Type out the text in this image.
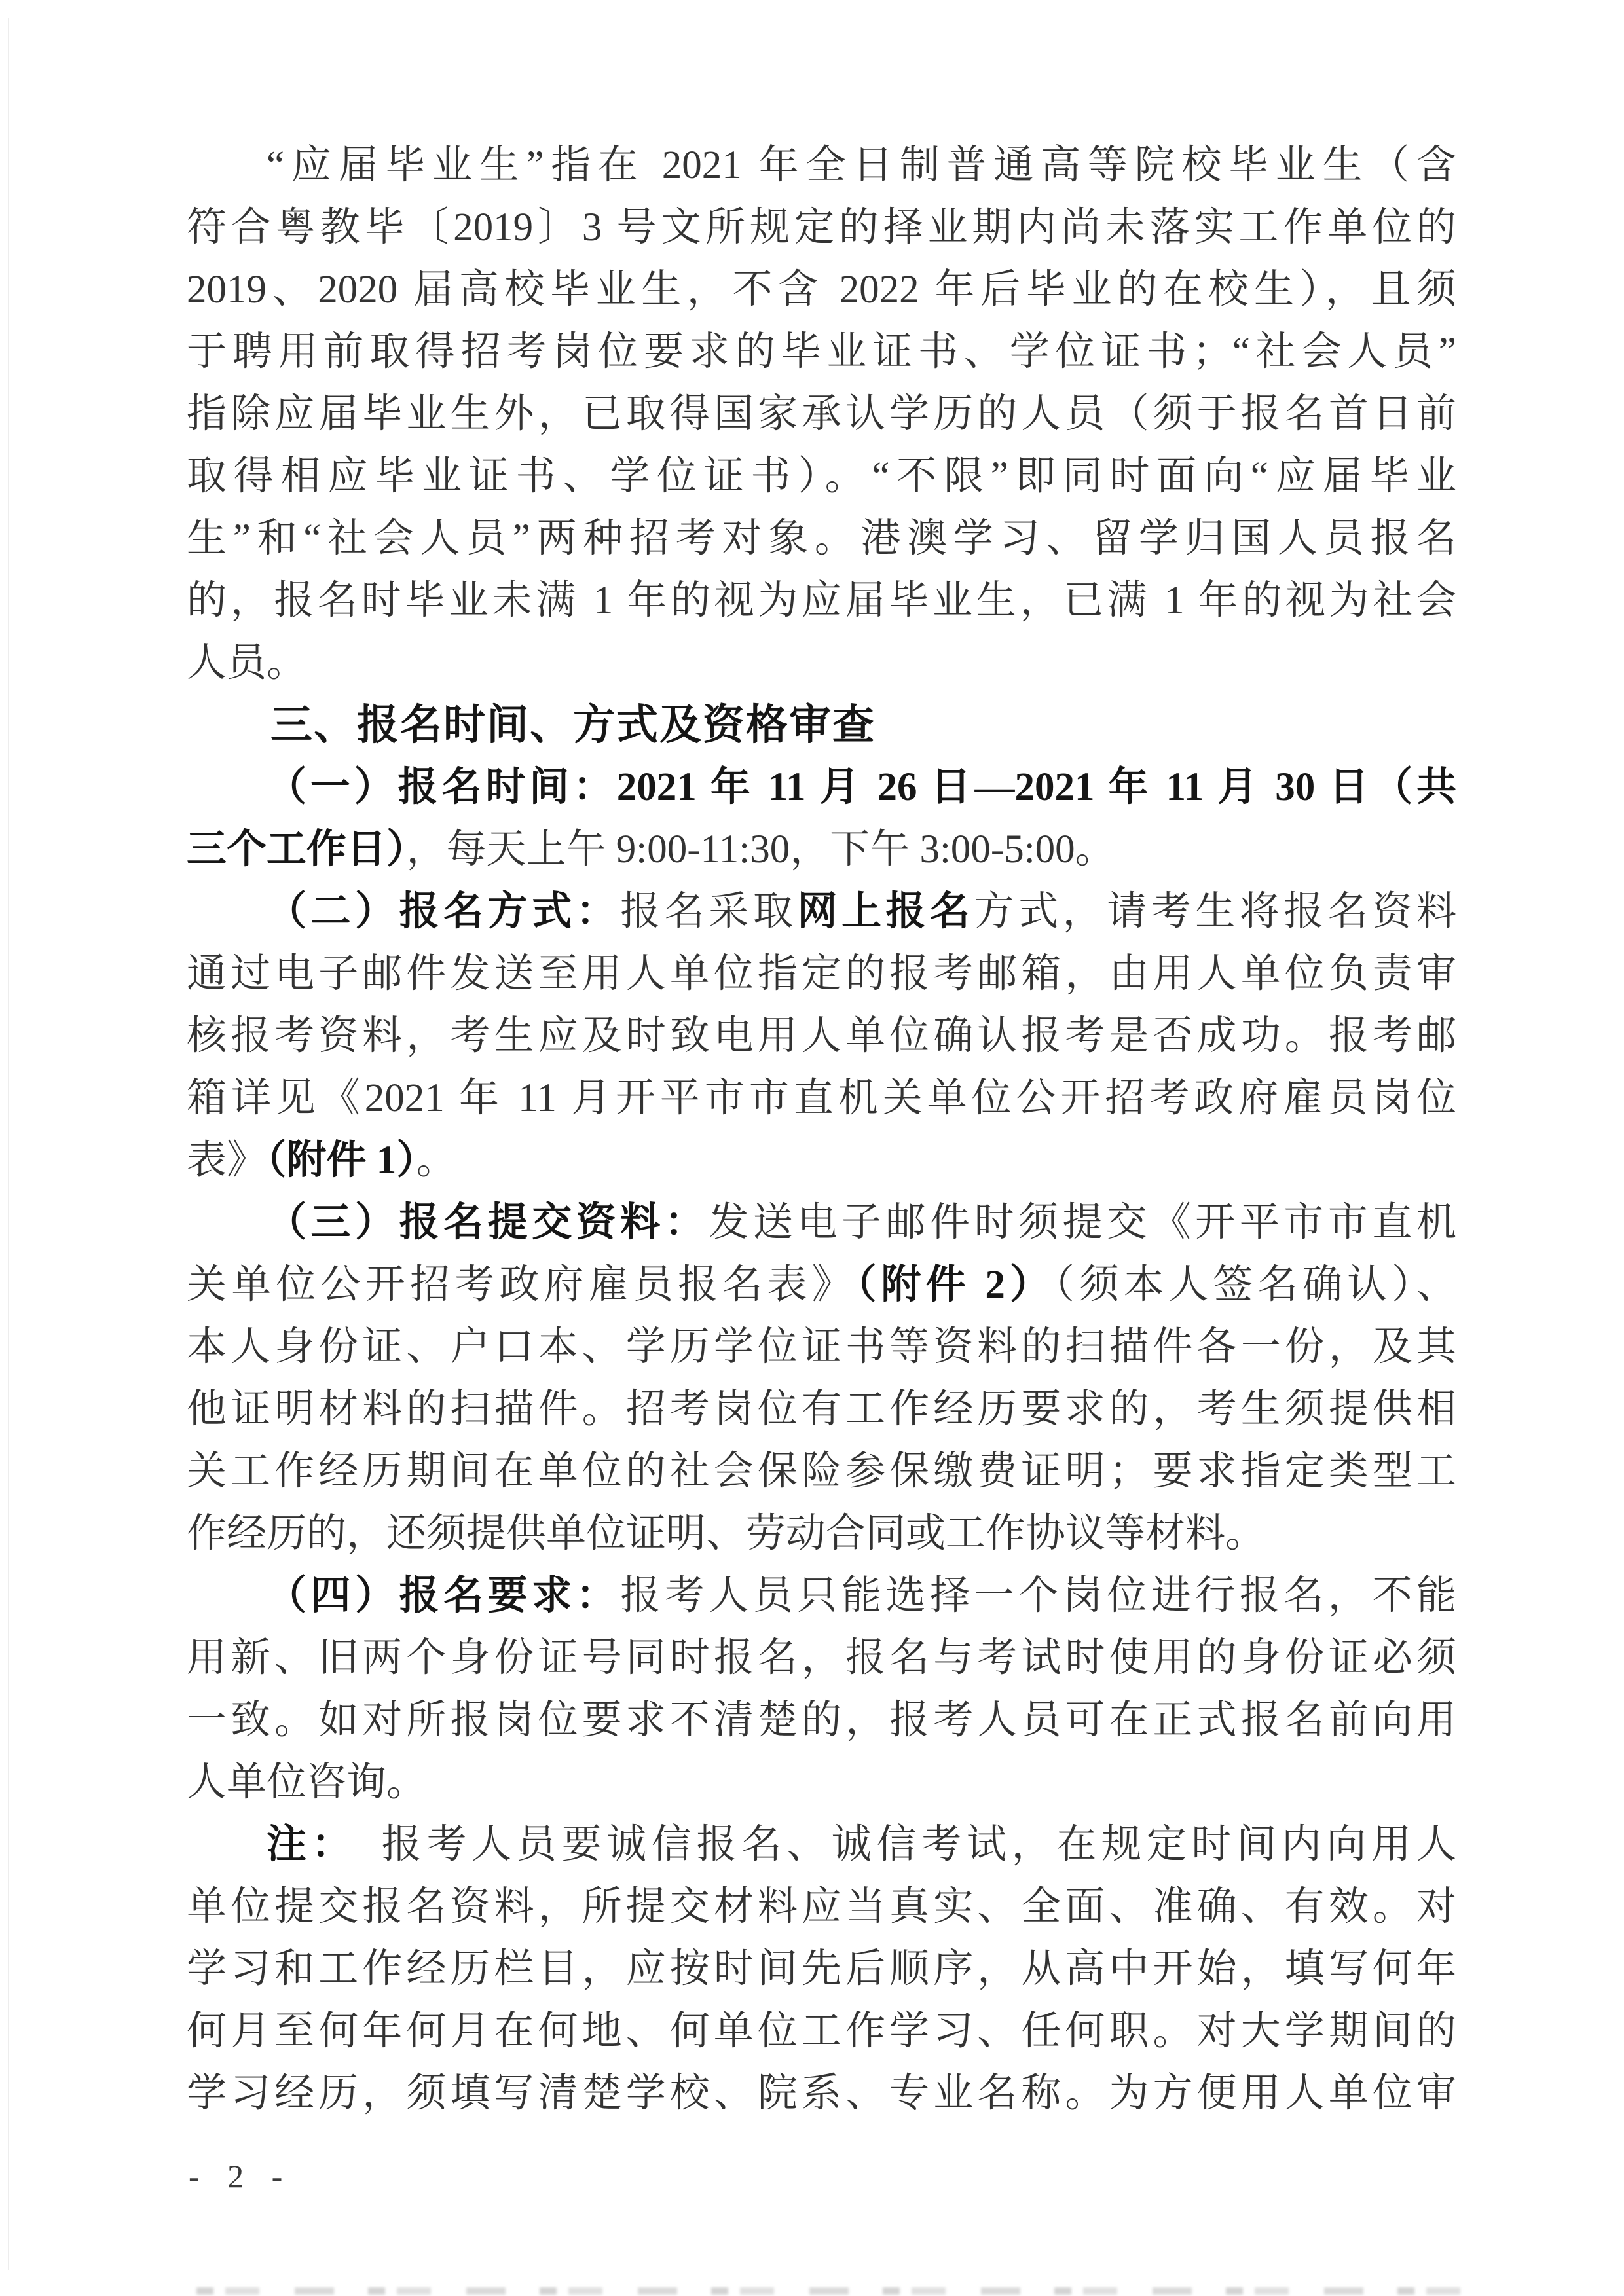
“应届毕业生”指在 2021 年全日制普通高等院校毕业生（含
符合粤教毕〔2019〕3 号文所规定的择业期内尚未落实工作单位的
2019、2020 届高校毕业生，不含 2022 年后毕业的在校生），且须
于聘用前取得招考岗位要求的毕业证书、学位证书；“社会人员”
指除应届毕业生外，已取得国家承认学历的人员（须于报名首日前
取得相应毕业证书、学位证书）。“不限”即同时面向“应届毕业
生”和“社会人员”两种招考对象。港澳学习、留学归国人员报名
的，报名时毕业未满 1 年的视为应届毕业生，已满 1 年的视为社会
人员。
三、报名时间、方式及资格审查
（一）报名时间：2021 年 11 月 26 日—2021 年 11 月 30 日（共
三个工作日），每天上午 9:00-11:30，下午 3:00-5:00。
（二）报名方式：报名采取网上报名方式，请考生将报名资料
通过电子邮件发送至用人单位指定的报考邮箱，由用人单位负责审
核报考资料，考生应及时致电用人单位确认报考是否成功。报考邮
箱详见《2021 年 11 月开平市市直机关单位公开招考政府雇员岗位
表》（附件 1）。
（三）报名提交资料：发送电子邮件时须提交《开平市市直机
关单位公开招考政府雇员报名表》（附件 2）（须本人签名确认）、
本人身份证、户口本、学历学位证书等资料的扫描件各一份，及其
他证明材料的扫描件。招考岗位有工作经历要求的，考生须提供相
关工作经历期间在单位的社会保险参保缴费证明；要求指定类型工
作经历的，还须提供单位证明、劳动合同或工作协议等材料。
（四）报名要求：报考人员只能选择一个岗位进行报名，不能
用新、旧两个身份证号同时报名，报名与考试时使用的身份证必须
一致。如对所报岗位要求不清楚的，报考人员可在正式报名前向用
人单位咨询。
注：　报考人员要诚信报名、诚信考试，在规定时间内向用人
单位提交报名资料，所提交材料应当真实、全面、准确、有效。对
学习和工作经历栏目，应按时间先后顺序，从高中开始，填写何年
何月至何年何月在何地、何单位工作学习、任何职。对大学期间的
学习经历，须填写清楚学校、院系、专业名称。为方便用人单位审
- 2 -
